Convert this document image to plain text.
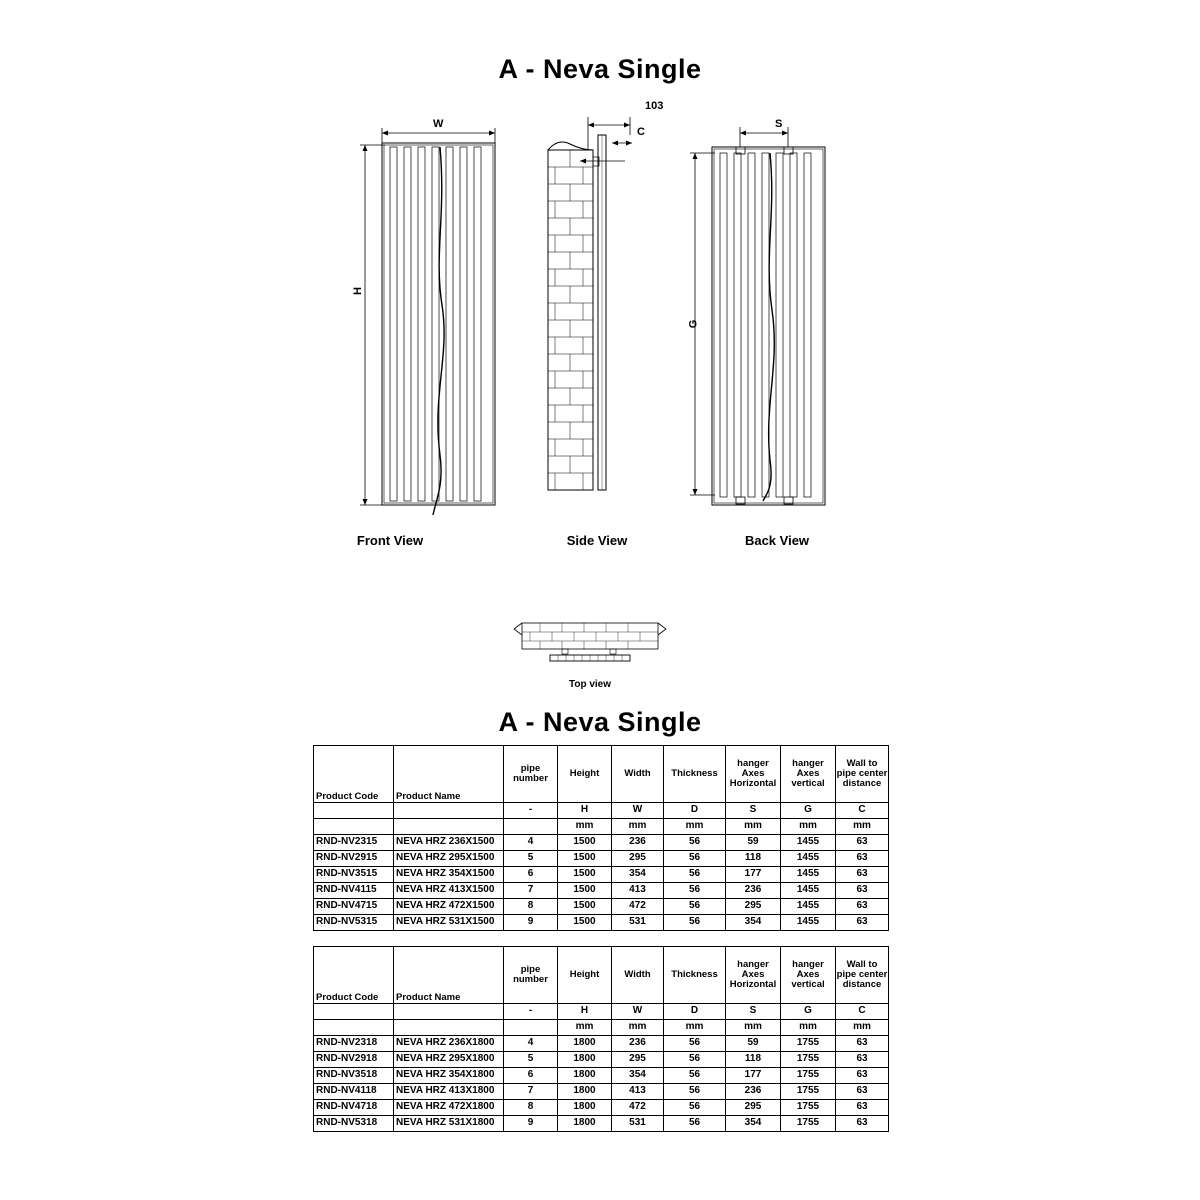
A - Neva Single
Front View	Side View	Back View
W
H
103
C
S
G
Top view
A - Neva Single
Product Code	Product Name	pipe number	Height	Width	Thickness	hanger Axes Horizontal	hanger Axes vertical	Wall to pipe center distance
		-	H	W	D	S	G	C
			mm	mm	mm	mm	mm	mm
RND-NV2315	NEVA HRZ 236X1500	4	1500	236	56	59	1455	63
RND-NV2915	NEVA HRZ 295X1500	5	1500	295	56	118	1455	63
RND-NV3515	NEVA HRZ 354X1500	6	1500	354	56	177	1455	63
RND-NV4115	NEVA HRZ 413X1500	7	1500	413	56	236	1455	63
RND-NV4715	NEVA HRZ 472X1500	8	1500	472	56	295	1455	63
RND-NV5315	NEVA HRZ 531X1500	9	1500	531	56	354	1455	63
Product Code	Product Name	pipe number	Height	Width	Thickness	hanger Axes Horizontal	hanger Axes vertical	Wall to pipe center distance
		-	H	W	D	S	G	C
			mm	mm	mm	mm	mm	mm
RND-NV2318	NEVA HRZ 236X1800	4	1800	236	56	59	1755	63
RND-NV2918	NEVA HRZ 295X1800	5	1800	295	56	118	1755	63
RND-NV3518	NEVA HRZ 354X1800	6	1800	354	56	177	1755	63
RND-NV4118	NEVA HRZ 413X1800	7	1800	413	56	236	1755	63
RND-NV4718	NEVA HRZ 472X1800	8	1800	472	56	295	1755	63
RND-NV5318	NEVA HRZ 531X1800	9	1800	531	56	354	1755	63
